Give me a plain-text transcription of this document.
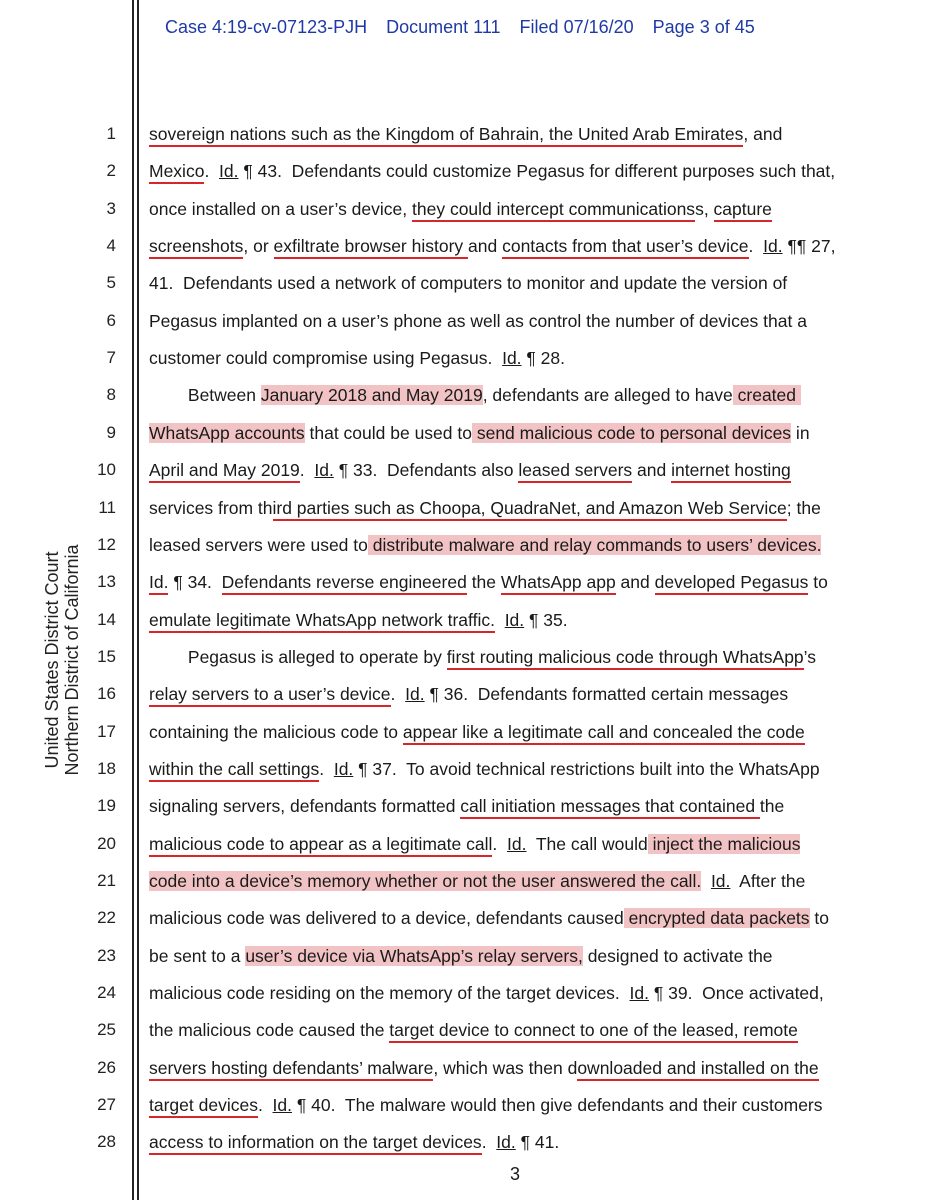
Case 4:19-cv-07123-PJH Document 111 Filed 07/16/20 Page 3 of 45
United States District Court Northern District of California
1
2
3
4
5
6
7
8
9
10
11
12
13
14
15
16
17
18
19
20
21
22
23
24
25
26
27
28
sovereign nations such as the Kingdom of Bahrain, the United Arab Emirates, and
Mexico.  Id. ¶ 43.  Defendants could customize Pegasus for different purposes such that,
once installed on a user’s device, they could intercept communicationss, capture
screenshots, or exfiltrate browser history and contacts from that user’s device.  Id. ¶¶ 27,
41.  Defendants used a network of computers to monitor and update the version of
Pegasus implanted on a user’s phone as well as control the number of devices that a
customer could compromise using Pegasus.  Id. ¶ 28.
Between January 2018 and May 2019, defendants are alleged to have created
WhatsApp accounts that could be used to send malicious code to personal devices in
April and May 2019.  Id. ¶ 33.  Defendants also leased servers and internet hosting
services from third parties such as Choopa, QuadraNet, and Amazon Web Service; the
leased servers were used to distribute malware and relay commands to users’ devices.
Id. ¶ 34.  Defendants reverse engineered the WhatsApp app and developed Pegasus to
emulate legitimate WhatsApp network traffic. Id. ¶ 35.
Pegasus is alleged to operate by first routing malicious code through WhatsApp’s
relay servers to a user’s device.  Id. ¶ 36.  Defendants formatted certain messages
containing the malicious code to appear like a legitimate call and concealed the code
within the call settings.  Id. ¶ 37.  To avoid technical restrictions built into the WhatsApp
signaling servers, defendants formatted call initiation messages that contained the
malicious code to appear as a legitimate call.  Id.  The call would inject the malicious
code into a device’s memory whether or not the user answered the call. Id.  After the
malicious code was delivered to a device, defendants caused encrypted data packets to
be sent to a user’s device via WhatsApp’s relay servers, designed to activate the
malicious code residing on the memory of the target devices.  Id. ¶ 39.  Once activated,
the malicious code caused the target device to connect to one of the leased, remote
servers hosting defendants’ malware, which was then downloaded and installed on the
target devices.  Id. ¶ 40.  The malware would then give defendants and their customers
access to information on the target devices.  Id. ¶ 41.
3
